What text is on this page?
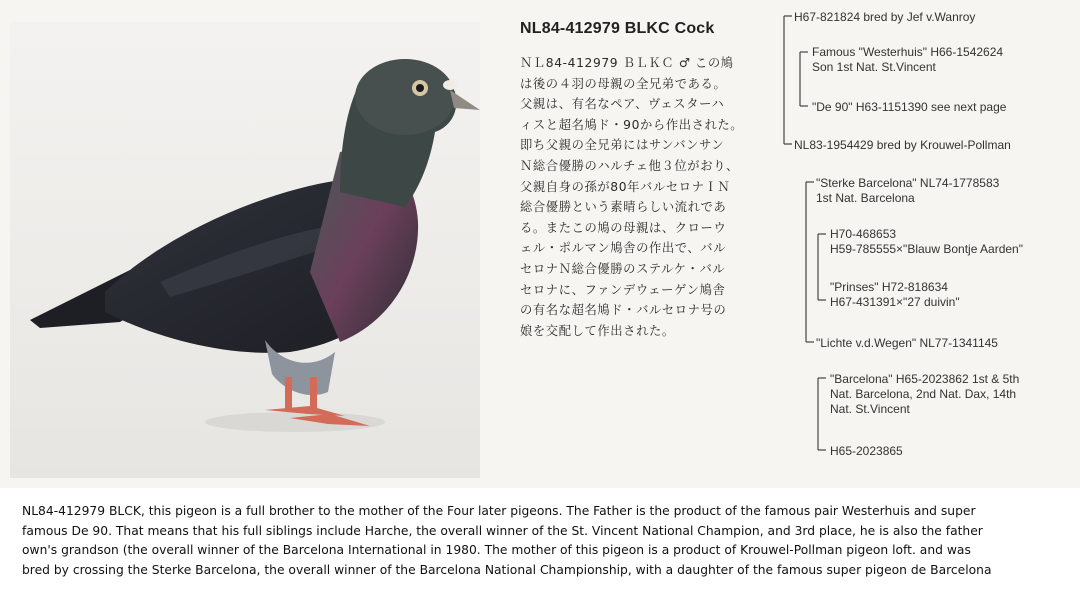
NL84-412979 BLKC Cock
ＮＬ84-412979 ＢＬＫＣ ♂ この鳩
は後の４羽の母親の全兄弟である。
父親は、有名なペア、ヴェスターハ
ィスと超名鳩ド・90から作出された。
即ち父親の全兄弟にはサンバンサン
Ｎ総合優勝のハルチェ他３位がおり、
父親自身の孫が80年バルセロナＩＮ
総合優勝という素晴らしい流れであ
る。またこの鳩の母親は、クローウ
ェル・ポルマン鳩舎の作出で、バル
セロナＮ総合優勝のステルケ・バル
セロナに、ファンデウェーゲン鳩舎
の有名な超名鳩ド・バルセロナ号の
娘を交配して作出された。
H67-821824 bred by Jef v.Wanroy
Famous "Westerhuis" H66-1542624
Son 1st Nat. St.Vincent
"De 90" H63-1151390 see next page
NL83-1954429 bred by Krouwel-Pollman
"Sterke Barcelona" NL74-1778583
1st Nat. Barcelona
H70-468653
H59-785555×"Blauw Bontje Aarden"
"Prinses" H72-818634
H67-431391×"27 duivin"
"Lichte v.d.Wegen" NL77-1341145
"Barcelona" H65-2023862 1st & 5th
Nat. Barcelona, 2nd Nat. Dax, 14th
Nat. St.Vincent
H65-2023865
NL84-412979 BLCK, this pigeon is a full brother to the mother of the Four later pigeons. The Father is the product of the famous pair Westerhuis and super
famous De 90. That means that his full siblings include Harche, the overall winner of the St. Vincent National Champion, and 3rd place, he is also the father
own's grandson (the overall winner of the Barcelona International in 1980. The mother of this pigeon is a product of Krouwel-Pollman pigeon loft. and was
bred by crossing the Sterke Barcelona, the overall winner of the Barcelona National Championship, with a daughter of the famous super pigeon de Barcelona
